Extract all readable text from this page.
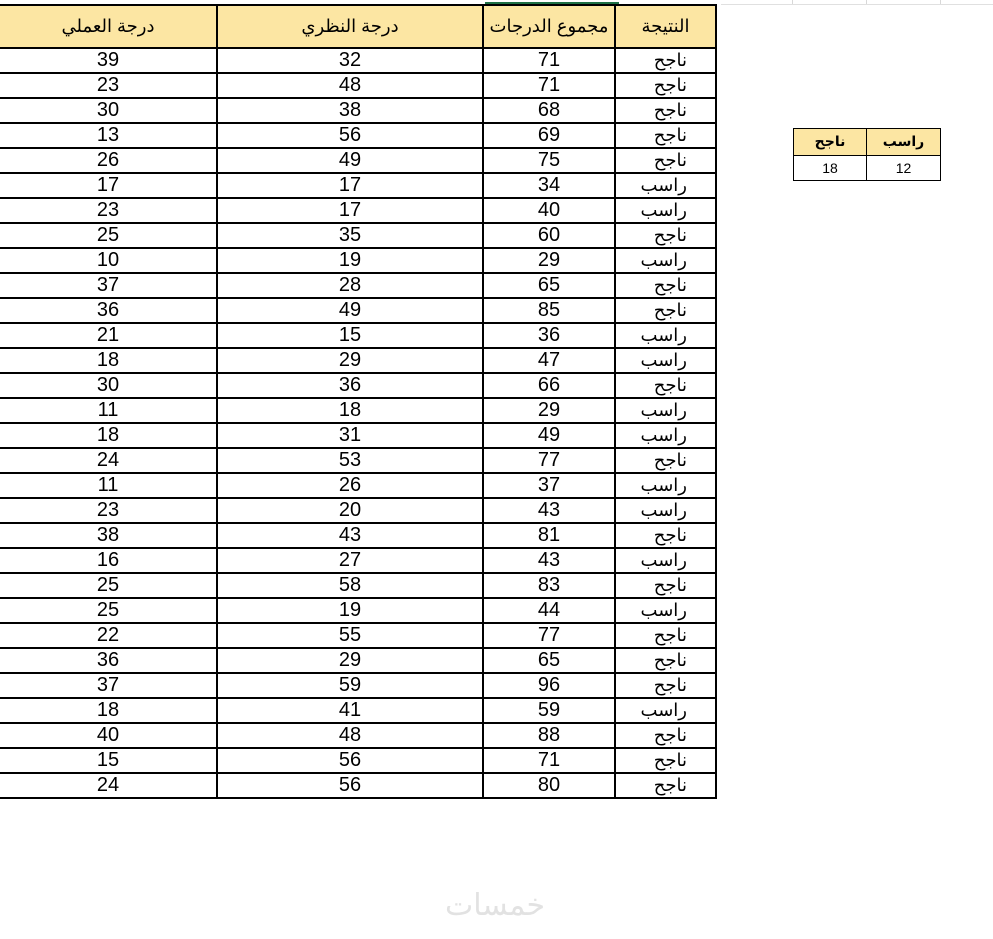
درجة العملي	درجة النظري	مجموع الدرجات	النتيجة
39	32	71	ناجح
23	48	71	ناجح
30	38	68	ناجح
13	56	69	ناجح
26	49	75	ناجح
17	17	34	راسب
23	17	40	راسب
25	35	60	ناجح
10	19	29	راسب
37	28	65	ناجح
36	49	85	ناجح
21	15	36	راسب
18	29	47	راسب
30	36	66	ناجح
11	18	29	راسب
18	31	49	راسب
24	53	77	ناجح
11	26	37	راسب
23	20	43	راسب
38	43	81	ناجح
16	27	43	راسب
25	58	83	ناجح
25	19	44	راسب
22	55	77	ناجح
36	29	65	ناجح
37	59	96	ناجح
18	41	59	راسب
40	48	88	ناجح
15	56	71	ناجح
24	56	80	ناجح
ناجح	راسب
18	12
خمسات
